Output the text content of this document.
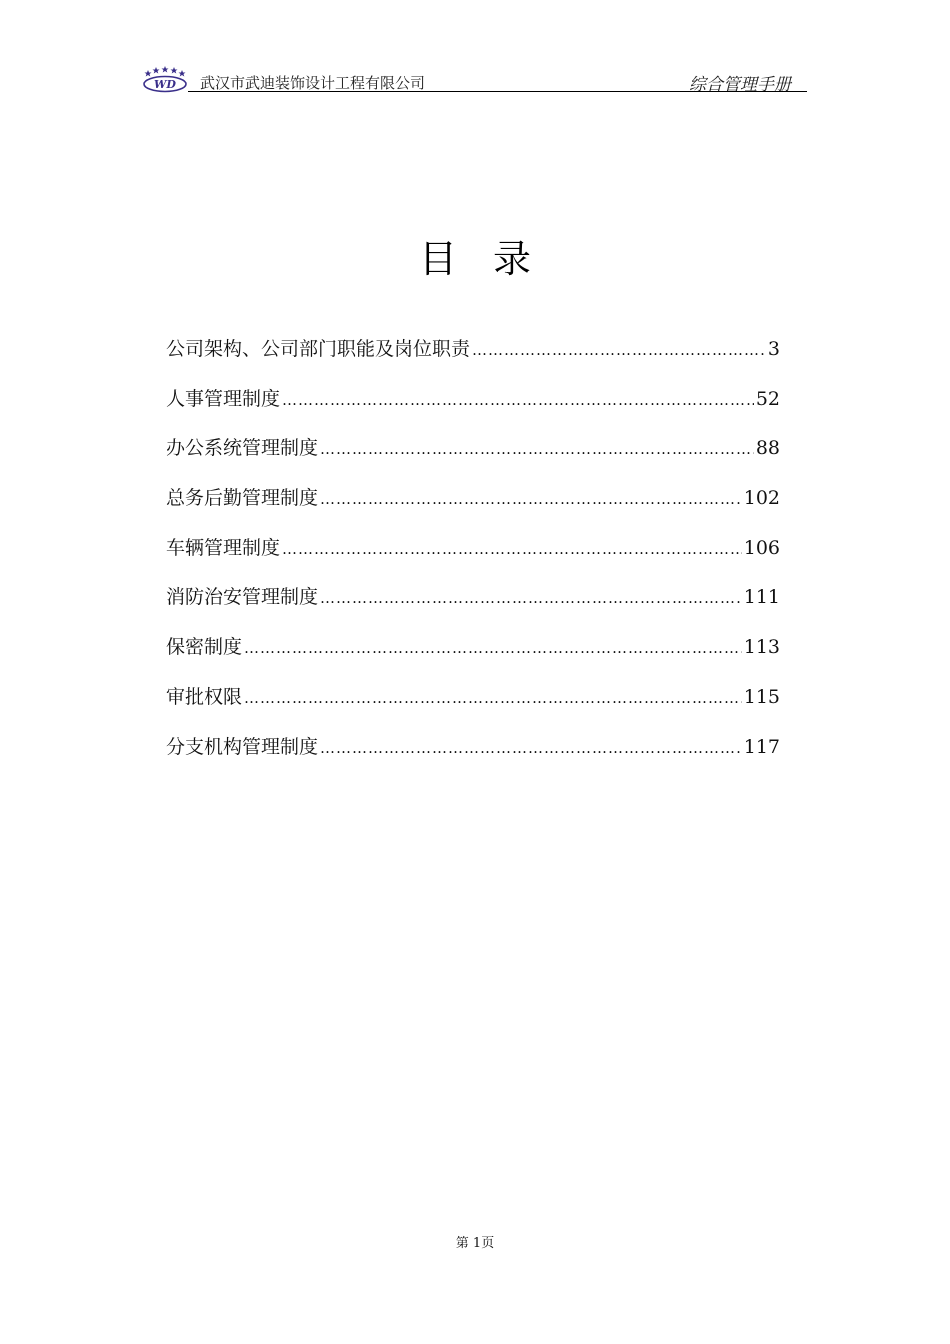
WD 武汉市武迪装饰设计工程有限公司	综合管理手册
目录
公司架构、公司部门职能及岗位职责 ……………………………………………………………………………………………………………………………………	3
人事管理制度 ……………………………………………………………………………………………………………………………………	52
办公系统管理制度 ……………………………………………………………………………………………………………………………………	88
总务后勤管理制度 ……………………………………………………………………………………………………………………………………	102
车辆管理制度 ……………………………………………………………………………………………………………………………………	106
消防治安管理制度 ……………………………………………………………………………………………………………………………………	111
保密制度 ……………………………………………………………………………………………………………………………………	113
审批权限 ……………………………………………………………………………………………………………………………………	115
分支机构管理制度 ……………………………………………………………………………………………………………………………………	117
第 1页
